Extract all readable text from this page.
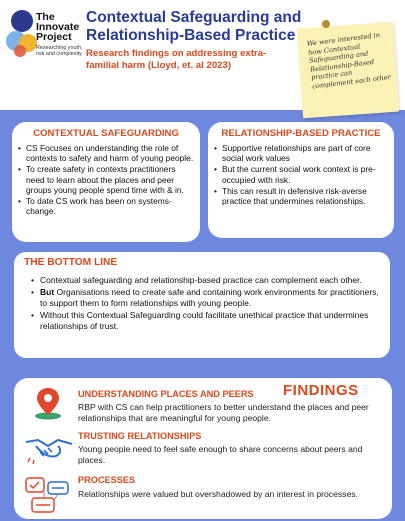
The
Innovate
Project
Researching youth, risk and complexity
Contextual Safeguarding and Relationship-Based Practice
Research findings on addressing extra-familial harm (Lloyd, et. al 2023)
We were interested in how Contextual Safeguarding and Relationship-Based practice can complement each other
CONTEXTUAL SAFEGUARDING
• CS Focuses on understanding the role of contexts to safety and harm of young people.
• To create safety in contexts practitioners need to learn about the places and peer groups young people spend time with & in.
• To date CS work has been on systems-change.
RELATIONSHIP-BASED PRACTICE
• Supportive relationships are part of core social work values
• But the current social work context is pre-occupied with risk.
• This can result in defensive risk-averse practice that undermines relationships.
THE BOTTOM LINE
• Contextual safeguarding and relationship-based practice can complement each other.
• But Organisations need to create safe and containing work environments for practitioners, to support them to form relationships with young people.
• Without this Contextual Safeguarding could facilitate unethical practice that undermines relationships of trust.
FINDINGS
UNDERSTANDING PLACES AND PEERS
RBP with CS can help practitioners to better understand the places and peer relationships that are meaningful for young people.
TRUSTING RELATIONSHIPS
Young people need to feel safe enough to share concerns about peers and places.
PROCESSES
Relationships were valued but overshadowed by an interest in processes.
